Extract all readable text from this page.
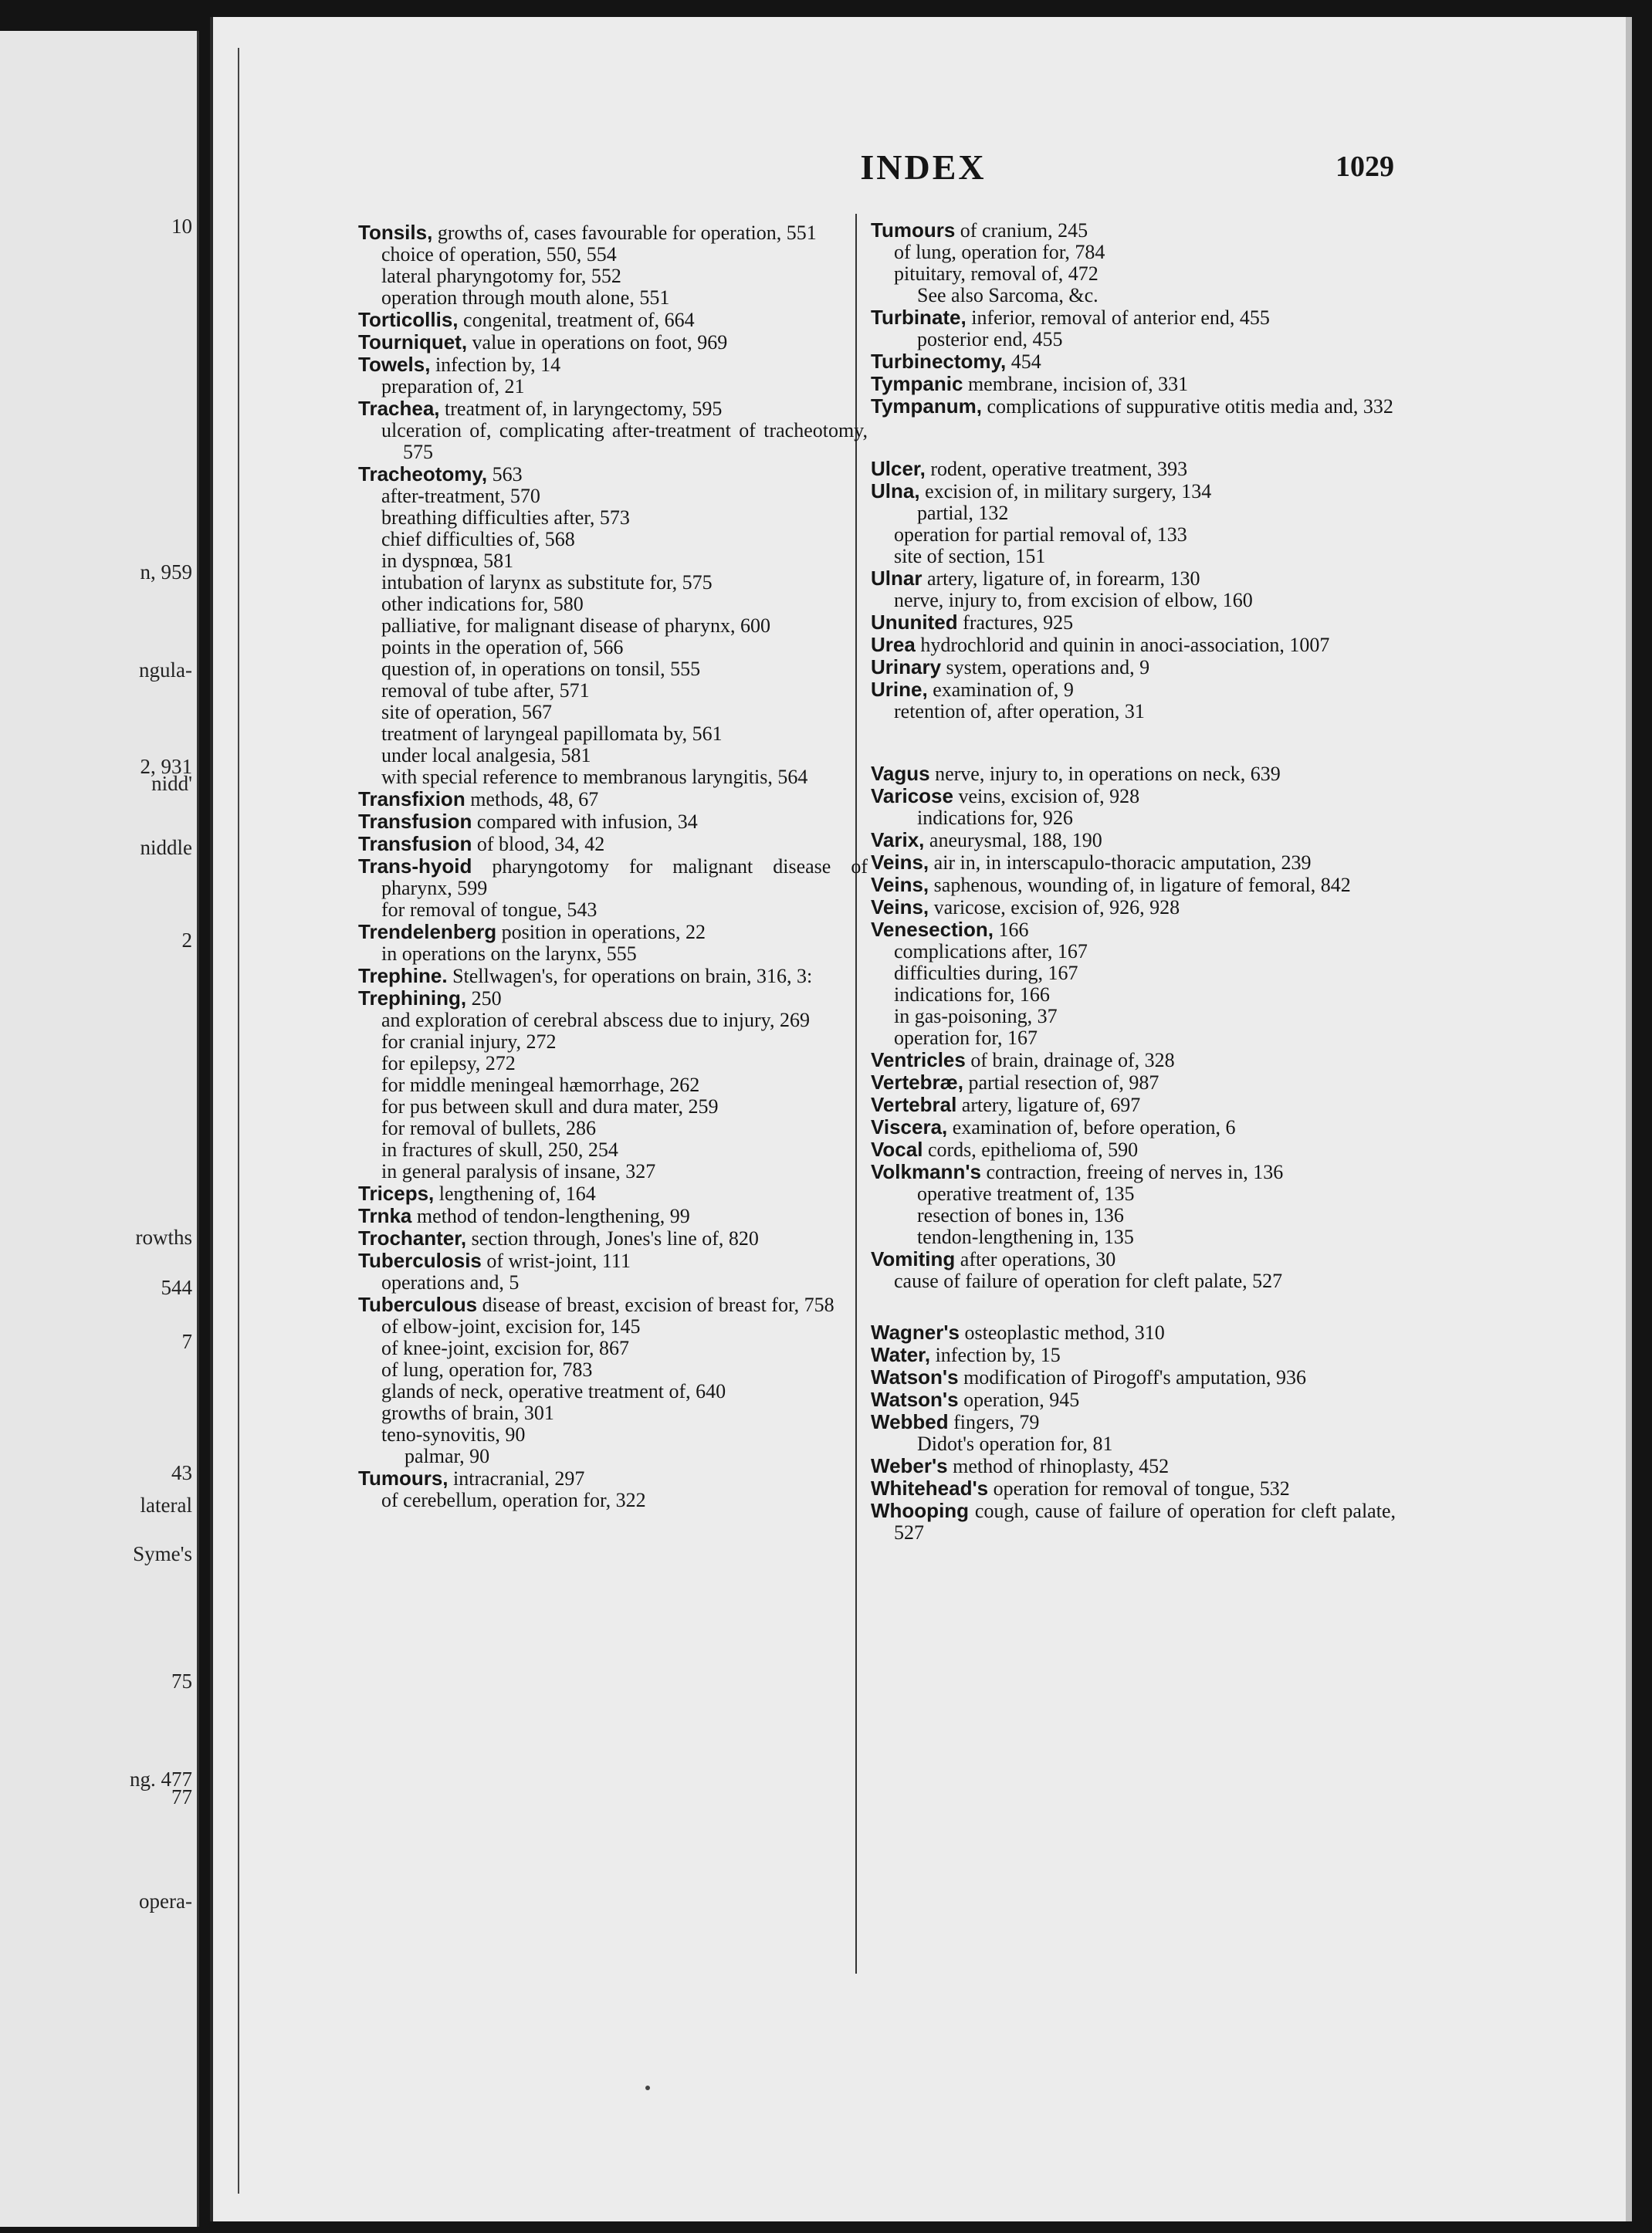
10
n, 959
ngula-
2, 931
nidd'
niddle
2
rowths
544
7
43
lateral
Syme's
75
ng. 477
77
opera-
INDEX	1029

Tonsils, growths of, cases favourable for operation, 551

choice of operation, 550, 554

lateral pharyngotomy for, 552

operation through mouth alone, 551

Torticollis, congenital, treatment of, 664

Tourniquet, value in operations on foot, 969

Towels, infection by, 14

preparation of, 21

Trachea, treatment of, in laryngectomy, 595

ulceration of, complicating after-treatment of tracheotomy, 575

Tracheotomy, 563

after-treatment, 570

breathing difficulties after, 573

chief difficulties of, 568

in dyspnœa, 581

intubation of larynx as substitute for, 575

other indications for, 580

palliative, for malignant disease of pharynx, 600

points in the operation of, 566

question of, in operations on tonsil, 555

removal of tube after, 571

site of operation, 567

treatment of laryngeal papillomata by, 561

under local analgesia, 581

with special reference to membranous laryngitis, 564

Transfixion methods, 48, 67

Transfusion compared with infusion, 34

Transfusion of blood, 34, 42

Trans-hyoid pharyngotomy for malignant disease of pharynx, 599

for removal of tongue, 543

Trendelenberg position in operations, 22

in operations on the larynx, 555

Trephine. Stellwagen's, for operations on brain, 316, 3:

Trephining, 250

and exploration of cerebral abscess due to injury, 269

for cranial injury, 272

for epilepsy, 272

for middle meningeal hæmorrhage, 262

for pus between skull and dura mater, 259

for removal of bullets, 286

in fractures of skull, 250, 254

in general paralysis of insane, 327

Triceps, lengthening of, 164

Trnka method of tendon-lengthening, 99

Trochanter, section through, Jones's line of, 820

Tuberculosis of wrist-joint, 111

operations and, 5

Tuberculous disease of breast, excision of breast for, 758

of elbow-joint, excision for, 145

of knee-joint, excision for, 867

of lung, operation for, 783

glands of neck, operative treatment of, 640

growths of brain, 301

teno-synovitis, 90

palmar, 90

Tumours, intracranial, 297

of cerebellum, operation for, 322

Tumours of cranium, 245

of lung, operation for, 784

pituitary, removal of, 472

See also Sarcoma, &c.

Turbinate, inferior, removal of anterior end, 455

posterior end, 455

Turbinectomy, 454

Tympanic membrane, incision of, 331

Tympanum, complications of suppurative otitis media and, 332

Ulcer, rodent, operative treatment, 393

Ulna, excision of, in military surgery, 134

partial, 132

operation for partial removal of, 133

site of section, 151

Ulnar artery, ligature of, in forearm, 130

nerve, injury to, from excision of elbow, 160

Ununited fractures, 925

Urea hydrochlorid and quinin in anoci-association, 1007

Urinary system, operations and, 9

Urine, examination of, 9

retention of, after operation, 31

Vagus nerve, injury to, in operations on neck, 639

Varicose veins, excision of, 928

indications for, 926

Varix, aneurysmal, 188, 190

Veins, air in, in interscapulo-thoracic amputation, 239

Veins, saphenous, wounding of, in ligature of femoral, 842

Veins, varicose, excision of, 926, 928

Venesection, 166

complications after, 167

difficulties during, 167

indications for, 166

in gas-poisoning, 37

operation for, 167

Ventricles of brain, drainage of, 328

Vertebræ, partial resection of, 987

Vertebral artery, ligature of, 697

Viscera, examination of, before operation, 6

Vocal cords, epithelioma of, 590

Volkmann's contraction, freeing of nerves in, 136

operative treatment of, 135

resection of bones in, 136

tendon-lengthening in, 135

Vomiting after operations, 30

cause of failure of operation for cleft palate, 527

Wagner's osteoplastic method, 310

Water, infection by, 15

Watson's modification of Pirogoff's amputation, 936

Watson's operation, 945

Webbed fingers, 79

Didot's operation for, 81

Weber's method of rhinoplasty, 452

Whitehead's operation for removal of tongue, 532

Whooping cough, cause of failure of operation for cleft palate, 527
